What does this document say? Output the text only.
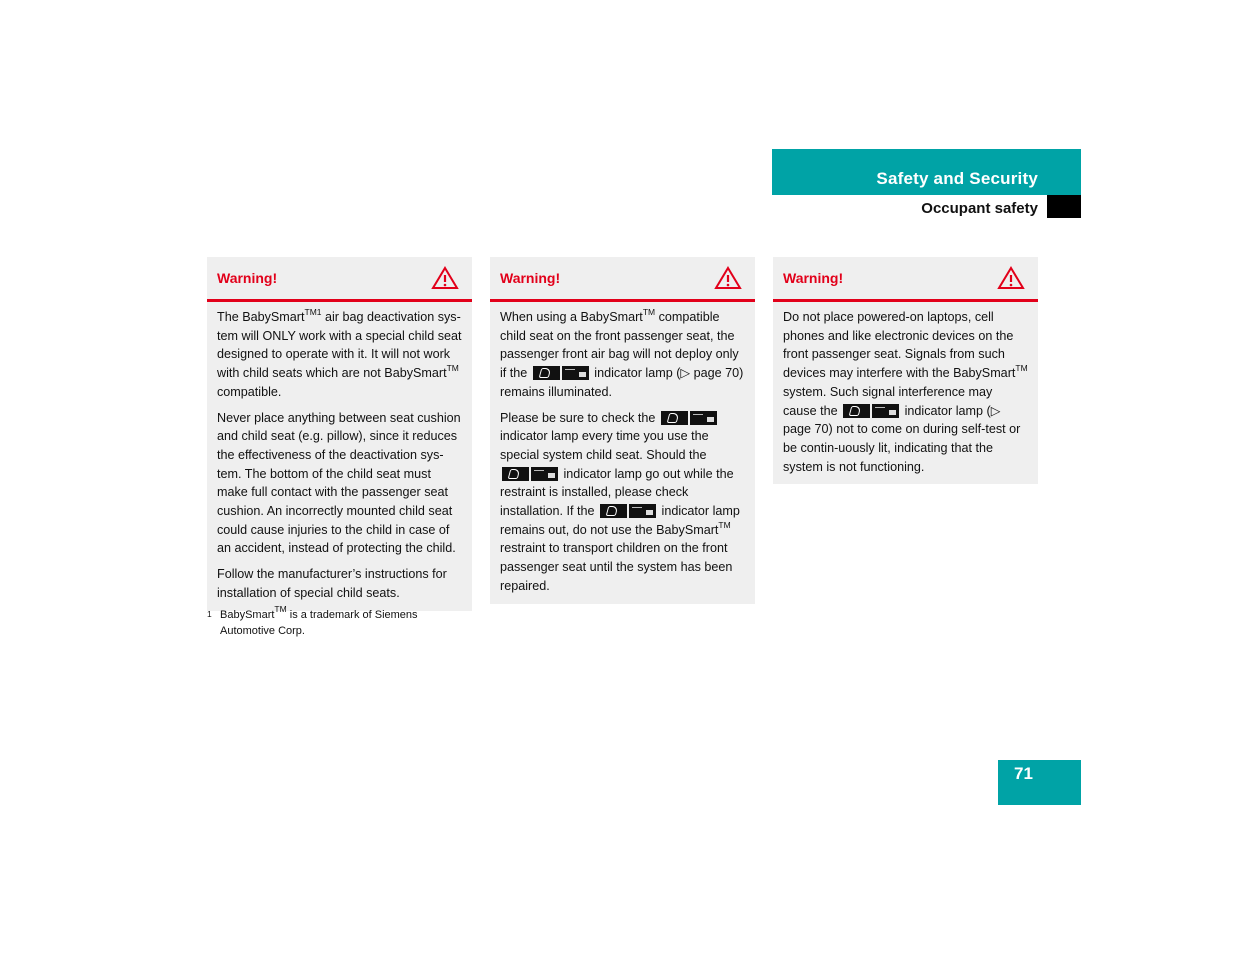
Safety and Security
Occupant safety
Warning!

The BabySmart$^{TM1}$ air bag deactivation sys-tem will ONLY work with a special child seat designed to operate with it. It will not work with child seats which are not BabySmart™ compatible.

Never place anything between seat cushion and child seat (e.g. pillow), since it reduces the effectiveness of the deactivation sys-tem. The bottom of the child seat must make full contact with the passenger seat cushion. An incorrectly mounted child seat could cause injuries to the child in case of an accident, instead of protecting the child.

Follow the manufacturer’s instructions for installation of special child seats.

Warning!

When using a BabySmart™ compatible child seat on the front passenger seat, the passenger front air bag will not deploy only if the	indicator lamp (▷ page 70) remains illuminated.

Please be sure to check the
indicator lamp every time you use the special system child seat. Should the
indicator lamp go out while the restraint is installed, please check installation. If the	indicator lamp remains out, do not use the BabySmart™ restraint to transport children on the front passenger seat until the system has been repaired.

Warning!

Do not place powered-on laptops, cell phones and like electronic devices on the front passenger seat. Signals from such devices may interfere with the BabySmart™ system. Such signal interference may cause the	indicator lamp (▷ page 70) not to come on during self-test or be contin-uously lit, indicating that the system is not functioning.

1 BabySmart™ is a trademark of Siemens Automotive Corp.
71
